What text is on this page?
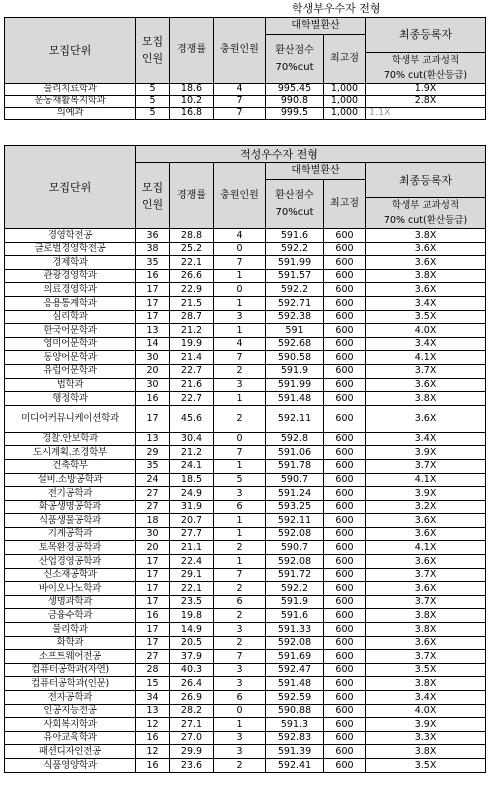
학생부우수자 전형						
모집단위	모집
인원	경쟁률	충원인원	대학별환산		최종등록자
				환산점수
70%cut	최고점	
						학생부 교과성적
70% cut(환산등급)
물리치료학과	5	18.6	4	995.45	1,000	1.9X
운동재활복지학과	5	10.2	7	990.8	1,000	2.8X
의예과	5	16.8	7	999.5	1,000	1.1X
모집단위	적성우수자 전형					
	모집
인원	경쟁률	충원인원	대학별환산		최종등록자
				환산점수
70%cut	최고점	
						학생부 교과성적
70% cut(환산등급)
경영학전공	36	28.8	4	591.6	600	3.8X
글로벌경영학전공	38	25.2	0	592.2	600	3.6X
경제학과	35	22.1	7	591.99	600	3.6X
관광경영학과	16	26.6	1	591.57	600	3.8X
의료경영학과	17	22.9	0	592.2	600	3.6X
응용통계학과	17	21.5	1	592.71	600	3.4X
심리학과	17	28.7	3	592.38	600	3.5X
한국어문학과	13	21.2	1	591	600	4.0X
영미어문학과	14	19.9	4	592.68	600	3.4X
동양어문학과	30	21.4	7	590.58	600	4.1X
유럽어문학과	20	22.7	2	591.9	600	3.7X
법학과	30	21.6	3	591.99	600	3.6X
행정학과	16	22.7	1	591.48	600	3.8X
미디어커뮤니케이션학과	17	45.6	2	592.11	600	3.6X
경찰.안보학과	13	30.4	0	592.8	600	3.4X
도시계획.조경학부	29	21.2	7	591.06	600	3.9X
건축학부	35	24.1	1	591.78	600	3.7X
설비.소방공학과	24	18.5	5	590.7	600	4.1X
전기공학과	27	24.9	3	591.24	600	3.9X
화공생명공학과	27	31.9	6	593.25	600	3.2X
식품생물공학과	18	20.7	1	592.11	600	3.6X
기계공학과	30	27.7	1	592.08	600	3.6X
토목환경공학과	20	21.1	2	590.7	600	4.1X
산업경영공학과	17	22.4	1	592.08	600	3.6X
신소재공학과	17	29.1	7	591.72	600	3.7X
바이오나노학과	17	22.1	2	592.2	600	3.6X
생명과학과	17	23.5	6	591.9	600	3.7X
금융수학과	16	19.8	2	591.6	600	3.8X
물리학과	17	14.9	3	591.33	600	3.8X
화학과	17	20.5	2	592.08	600	3.6X
소프트웨어전공	27	37.9	7	591.69	600	3.7X
컴퓨터공학과(자연)	28	40.3	3	592.47	600	3.5X
컴퓨터공학과(인문)	15	26.4	3	591.48	600	3.8X
전자공학과	34	26.9	6	592.59	600	3.4X
인공지능전공	13	28.2	0	590.88	600	4.0X
사회복지학과	12	27.1	1	591.3	600	3.9X
유아교육학과	16	27.0	3	592.83	600	3.3X
패션디자인전공	12	29.9	3	591.39	600	3.8X
식품영양학과	16	23.6	2	592.41	600	3.5X
